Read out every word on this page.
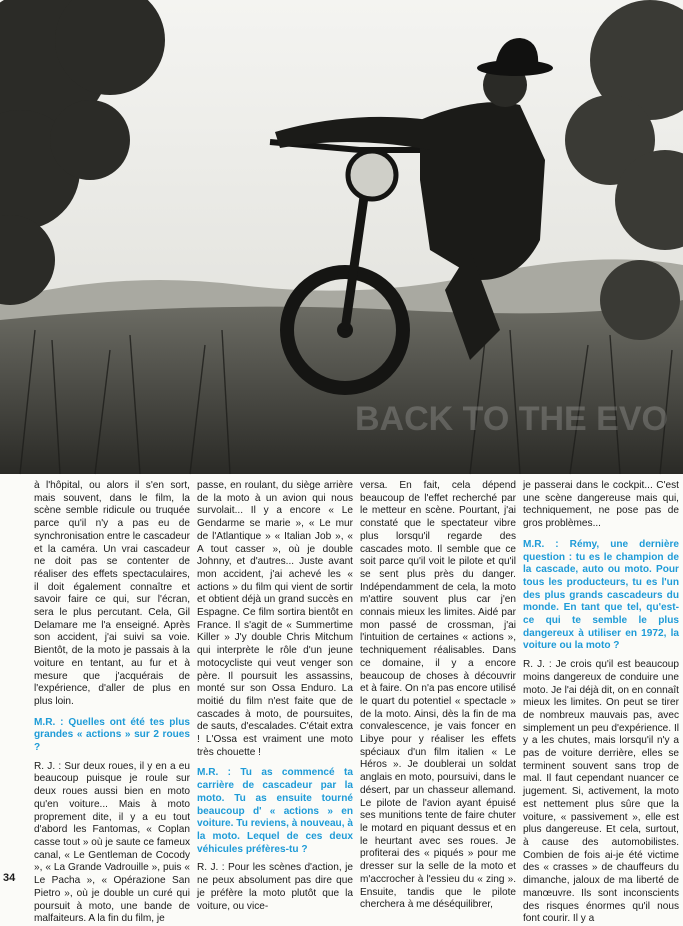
BACK TO THE EVO

à l'hôpital, ou alors il s'en sort, mais souvent, dans le film, la scène semble ridicule ou truquée parce qu'il n'y a pas eu de synchronisation entre le cascadeur et la caméra. Un vrai cascadeur ne doit pas se contenter de réaliser des effets spectaculaires, il doit également connaître et savoir faire ce qui, sur l'écran, sera le plus percutant. Cela, Gil Delamare me l'a enseigné. Après son accident, j'ai suivi sa voie. Bientôt, de la moto je passais à la voiture en tentant, au fur et à mesure que j'acquérais de l'expérience, d'aller de plus en plus loin.

M.R. : Quelles ont été tes plus grandes « actions » sur 2 roues ?

R. J. : Sur deux roues, il y en a eu beaucoup puisque je roule sur deux roues aussi bien en moto qu'en voiture... Mais à moto proprement dite, il y a eu tout d'abord les Fantomas, « Coplan casse tout » où je saute ce fameux canal, « Le Gentleman de Cocody », « La Grande Vadrouille », puis « Le Pacha », « Opérazione San Pietro », où je double un curé qui poursuit à moto, une bande de malfaiteurs. A la fin du film, je

passe, en roulant, du siège arrière de la moto à un avion qui nous survolait... Il y a encore « Le Gendarme se marie », « Le mur de l'Atlantique » « Italian Job », « A tout casser », où je double Johnny, et d'autres... Juste avant mon accident, j'ai achevé les « actions » du film qui vient de sortir et obtient déjà un grand succès en Espagne. Ce film sortira bientôt en France. Il s'agit de « Summertime Killer » J'y double Chris Mitchum qui interprète le rôle d'un jeune motocycliste qui veut venger son père. Il poursuit les assassins, monté sur son Ossa Enduro. La moitié du film n'est faite que de cascades à moto, de poursuites, de sauts, d'escalades. C'était extra ! L'Ossa est vraiment une moto très chouette !

M.R. : Tu as commencé ta carrière de cascadeur par la moto. Tu as ensuite tourné beaucoup d' « actions » en voiture. Tu reviens, à nouveau, à la moto. Lequel de ces deux véhicules préfères-tu ?

R. J. : Pour les scènes d'action, je ne peux absolument pas dire que je préfère la moto plutôt que la voiture, ou vice-

versa. En fait, cela dépend beaucoup de l'effet recherché par le metteur en scène. Pourtant, j'ai constaté que le spectateur vibre plus lorsqu'il regarde des cascades moto. Il semble que ce soit parce qu'il voit le pilote et qu'il se sent plus près du danger. Indépendamment de cela, la moto m'attire souvent plus car j'en connais mieux les limites. Aidé par mon passé de crossman, j'ai l'intuition de certaines « actions », techniquement réalisables. Dans ce domaine, il y a encore beaucoup de choses à découvrir et à faire. On n'a pas encore utilisé le quart du potentiel « spectacle » de la moto. Ainsi, dès la fin de ma convalescence, je vais foncer en Libye pour y réaliser les effets spéciaux d'un film italien « Le Héros ». Je doublerai un soldat anglais en moto, poursuivi, dans le désert, par un chasseur allemand. Le pilote de l'avion ayant épuisé ses munitions tente de faire chuter le motard en piquant dessus et en le heurtant avec ses roues. Je profiterai des « piqués » pour me dresser sur la selle de la moto et m'accrocher à l'essieu du « zing ». Ensuite, tandis que le pilote cherchera à me déséquilibrer,

je passerai dans le cockpit... C'est une scène dangereuse mais qui, techniquement, ne pose pas de gros problèmes...

M.R. : Rémy, une dernière question : tu es le champion de la cascade, auto ou moto. Pour tous les producteurs, tu es l'un des plus grands cascadeurs du monde. En tant que tel, qu'est-ce qui te semble le plus dangereux à utiliser en 1972, la voiture ou la moto ?

R. J. : Je crois qu'il est beaucoup moins dangereux de conduire une moto. Je l'ai déjà dit, on en connaît mieux les limites. On peut se tirer de nombreux mauvais pas, avec simplement un peu d'expérience. Il y a les chutes, mais lorsqu'il n'y a pas de voiture derrière, elles se terminent souvent sans trop de mal. Il faut cependant nuancer ce jugement. Si, activement, la moto est nettement plus sûre que la voiture, « passivement », elle est plus dangereuse. Et cela, surtout, à cause des automobilistes. Combien de fois ai-je été victime des « crasses » de chauffeurs du dimanche, jaloux de ma liberté de manœuvre. Ils sont inconscients des risques énormes qu'il nous font courir. Il y a

34
